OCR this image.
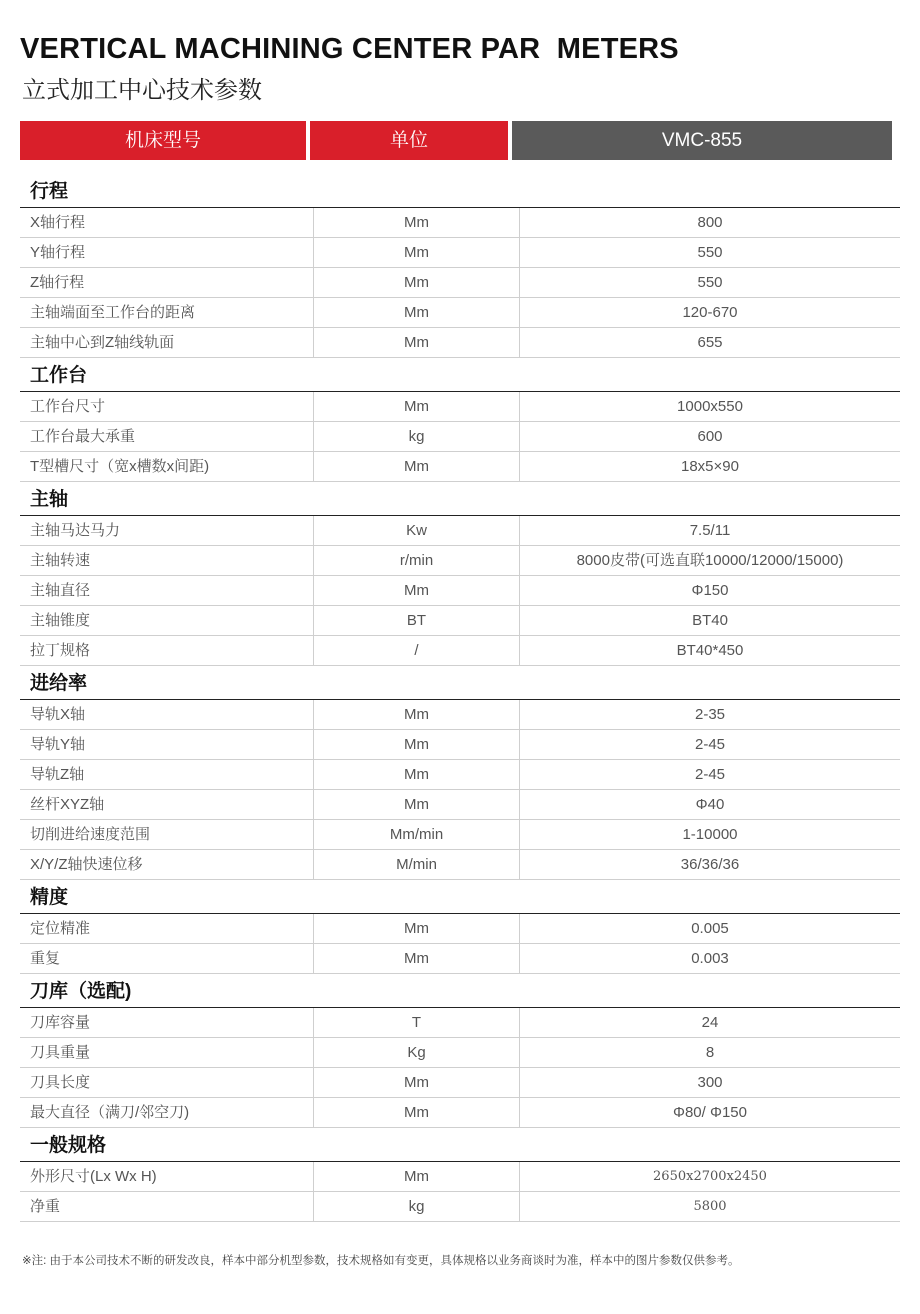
VERTICAL MACHINING CENTER PAR  METERS
立式加工中心技术参数
机床型号	单位	VMC-855
行程
X轴行程	Mm	800
Y轴行程	Mm	550
Z轴行程	Mm	550
主轴端面至工作台的距离	Mm	120-670
主轴中心到Z轴线轨面	Mm	655
工作台
工作台尺寸	Mm	1000x550
工作台最大承重	kg	600
T型槽尺寸（宽x槽数x间距)	Mm	18x5×90
主轴
主轴马达马力	Kw	7.5/11
主轴转速	r/min	8000皮带(可选直联10000/12000/15000)
主轴直径	Mm	Φ150
主轴锥度	BT	BT40
拉丁规格	/	BT40*450
进给率
导轨X轴	Mm	2-35
导轨Y轴	Mm	2-45
导轨Z轴	Mm	2-45
丝杆XYZ轴	Mm	Φ40
切削进给速度范围	Mm/min	1-10000
X/Y/Z轴快速位移	M/min	36/36/36
精度
定位精准	Mm	0.005
重复	Mm	0.003
刀库（选配)
刀库容量	T	24
刀具重量	Kg	8
刀具长度	Mm	300
最大直径（满刀/邻空刀)	Mm	Φ80/ Φ150
一般规格
外形尺寸(Lx Wx H)	Mm	2650x2700x2450
净重	kg	5800
※注: 由于本公司技术不断的研发改良，样本中部分机型参数，技术规格如有变更，具体规格以业务商谈时为准，样本中的图片参数仅供参考。
